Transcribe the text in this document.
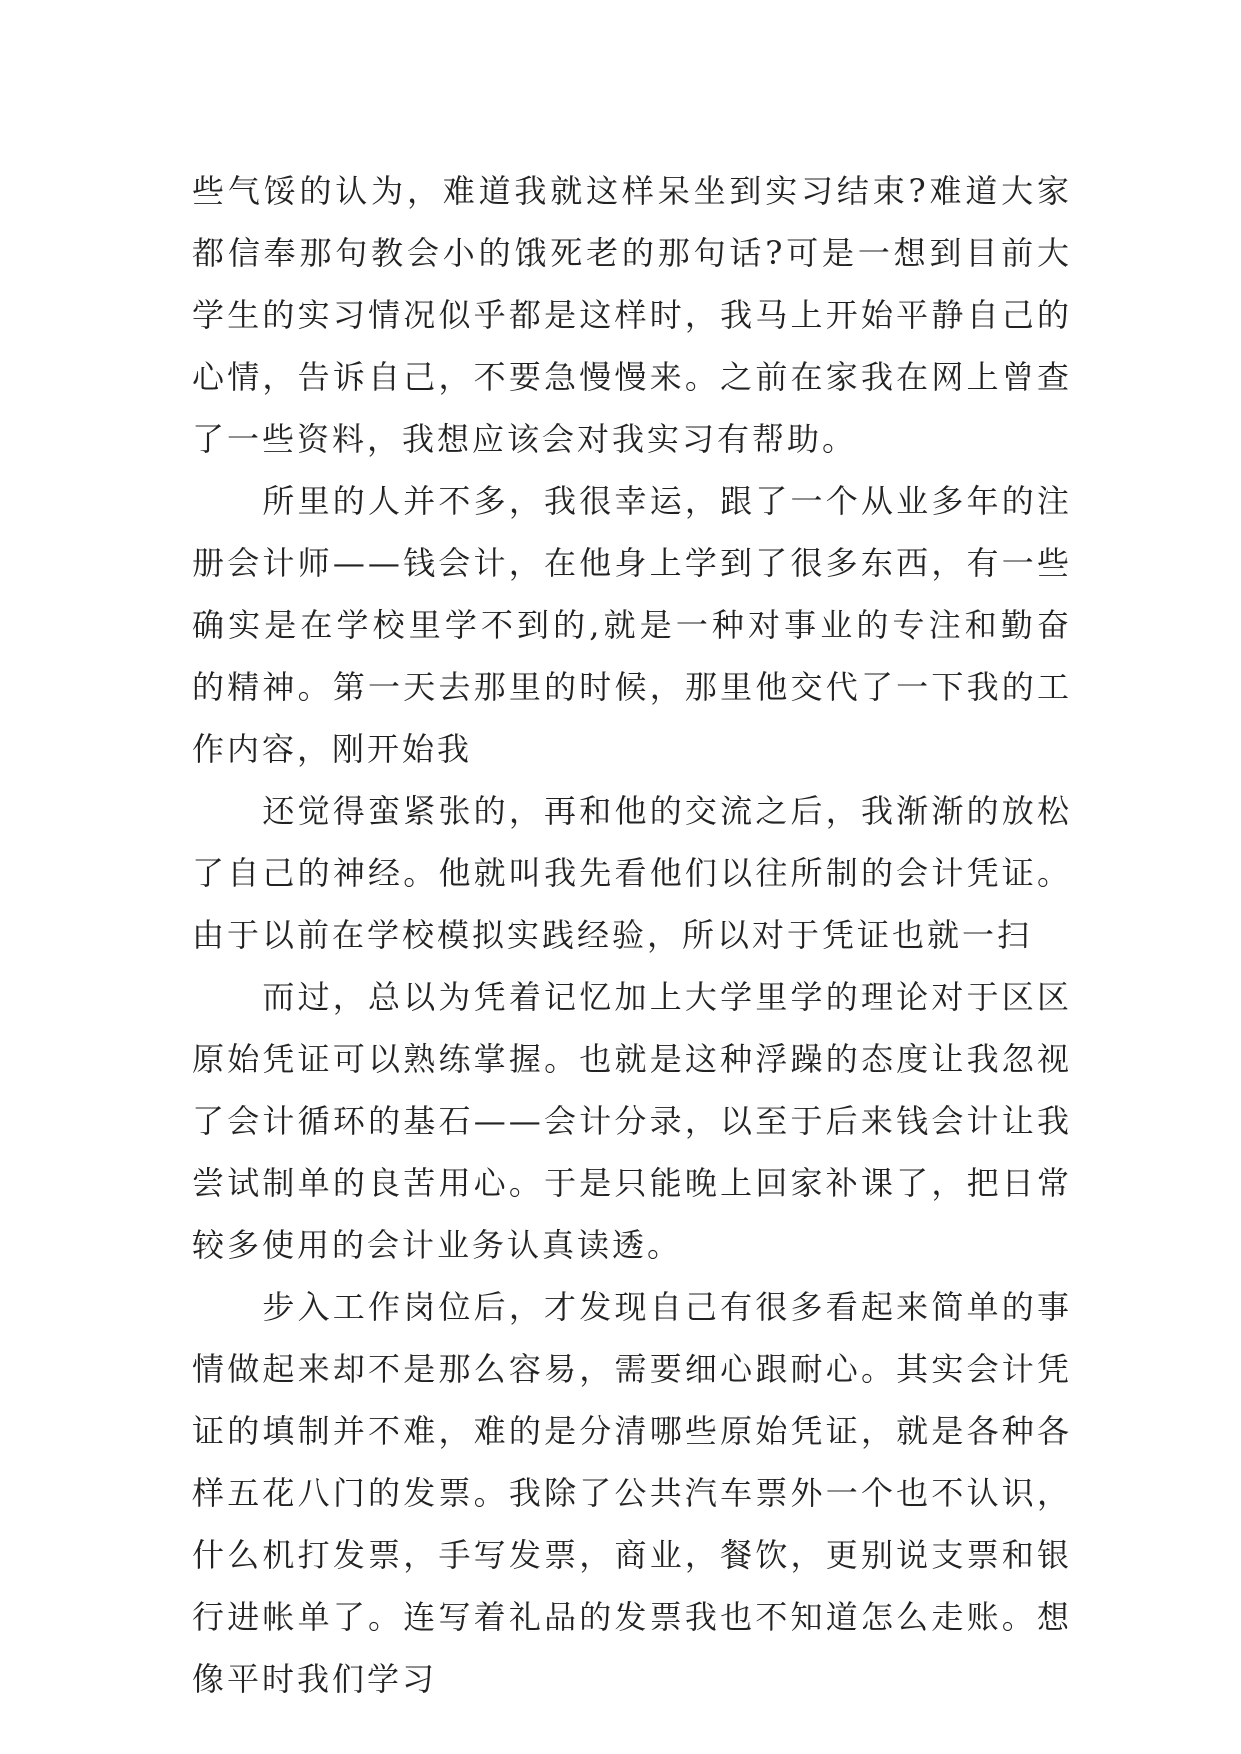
些气馁的认为，难道我就这样呆坐到实习结束?难道大家都信奉那句教会小的饿死老的那句话?可是一想到目前大学生的实习情况似乎都是这样时，我马上开始平静自己的心情，告诉自己，不要急慢慢来。之前在家我在网上曾查了一些资料，我想应该会对我实习有帮助。

所里的人并不多，我很幸运，跟了一个从业多年的注册会计师——钱会计，在他身上学到了很多东西，有一些确实是在学校里学不到的,就是一种对事业的专注和勤奋的精神。第一天去那里的时候，那里他交代了一下我的工作内容，刚开始我

还觉得蛮紧张的，再和他的交流之后，我渐渐的放松了自己的神经。他就叫我先看他们以往所制的会计凭证。由于以前在学校模拟实践经验，所以对于凭证也就一扫

而过，总以为凭着记忆加上大学里学的理论对于区区原始凭证可以熟练掌握。也就是这种浮躁的态度让我忽视了会计循环的基石——会计分录，以至于后来钱会计让我尝试制单的良苦用心。于是只能晚上回家补课了，把日常较多使用的会计业务认真读透。

步入工作岗位后，才发现自己有很多看起来简单的事情做起来却不是那么容易，需要细心跟耐心。其实会计凭证的填制并不难，难的是分清哪些原始凭证，就是各种各样五花八门的发票。我除了公共汽车票外一个也不认识，什么机打发票，手写发票，商业，餐饮，更别说支票和银行进帐单了。连写着礼品的发票我也不知道怎么走账。想像平时我们学习
